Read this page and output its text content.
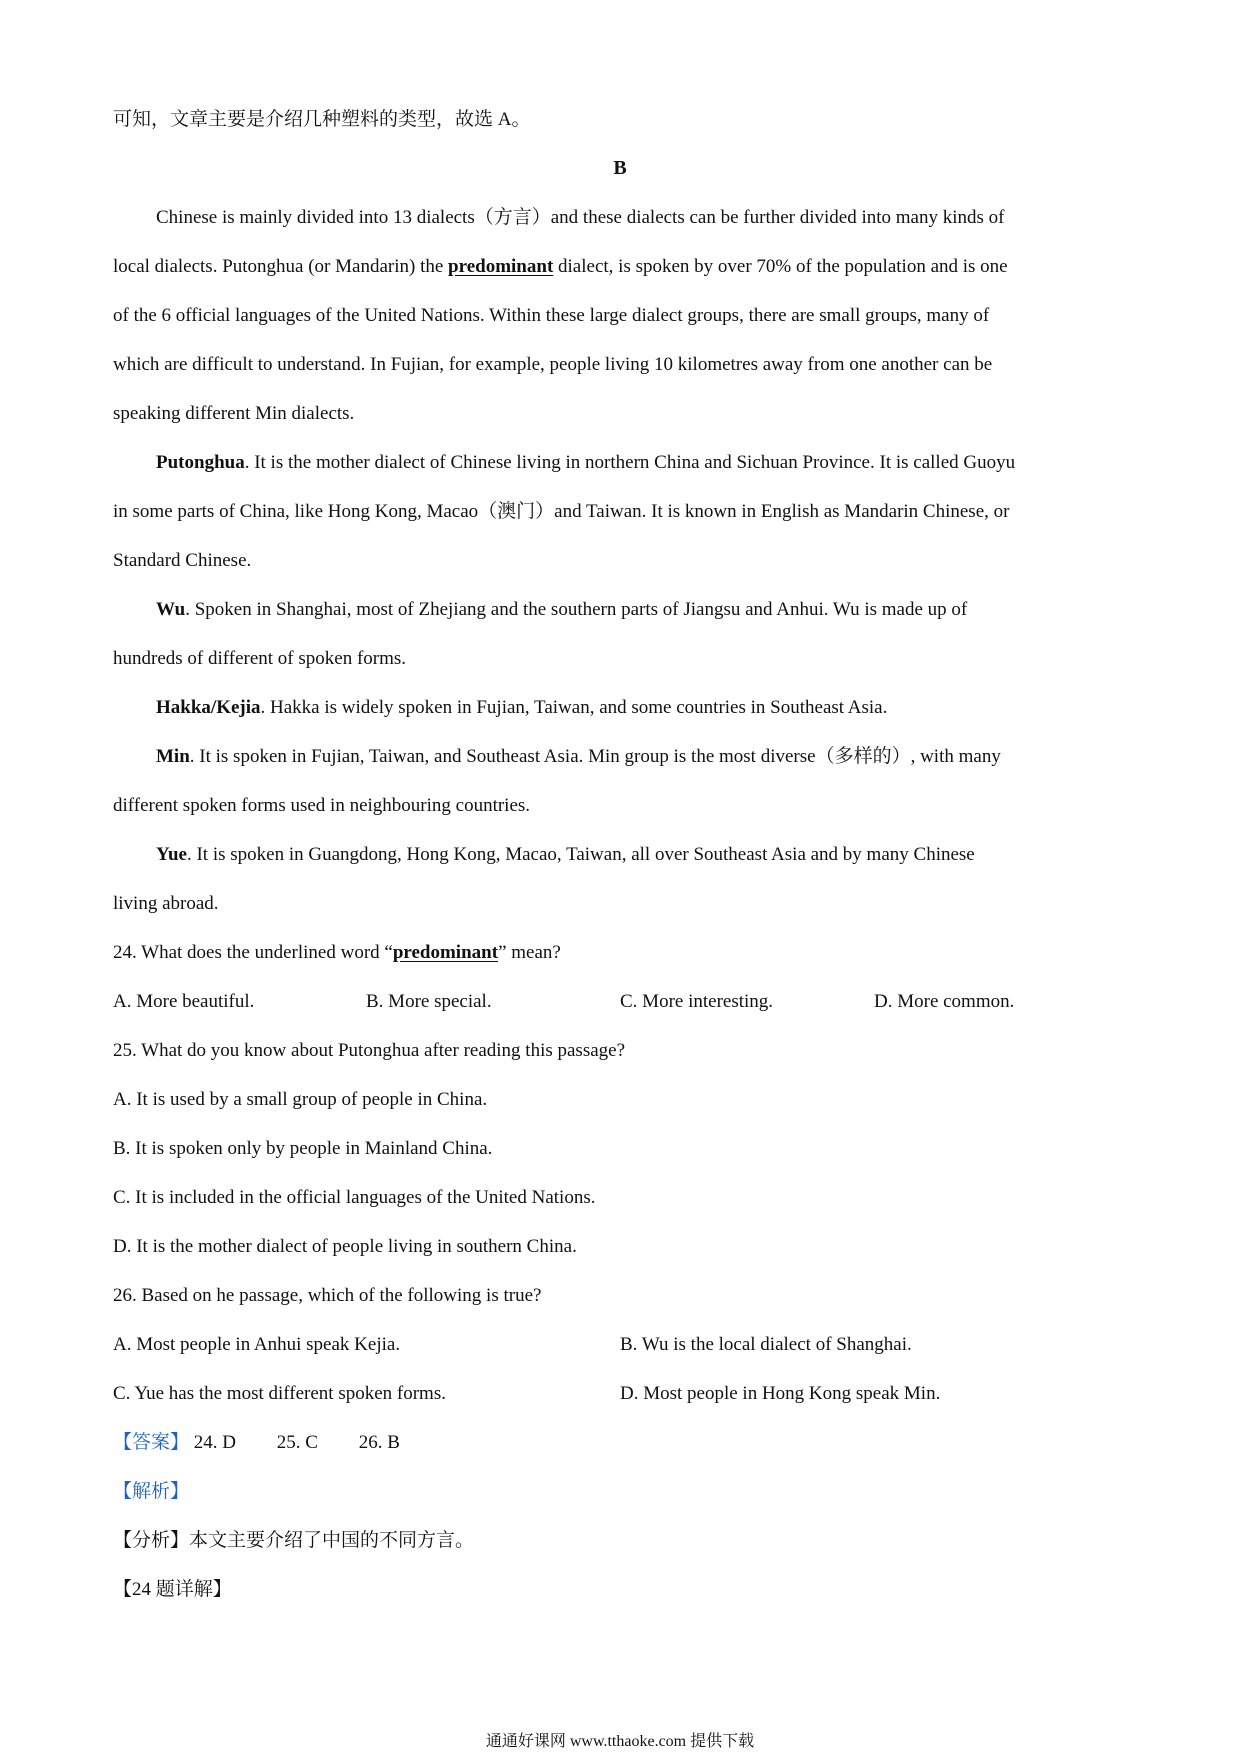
可知，文章主要是介绍几种塑料的类型，故选 A。
B
Chinese is mainly divided into 13 dialects（方言）and these dialects can be further divided into many kinds of
local dialects. Putonghua (or Mandarin) the predominant dialect, is spoken by over 70% of the population and is one
of the 6 official languages of the United Nations. Within these large dialect groups, there are small groups, many of
which are difficult to understand. In Fujian, for example, people living 10 kilometres away from one another can be
speaking different Min dialects.
Putonghua. It is the mother dialect of Chinese living in northern China and Sichuan Province. It is called Guoyu
in some parts of China, like Hong Kong, Macao（澳门）and Taiwan. It is known in English as Mandarin Chinese, or
Standard Chinese.
Wu. Spoken in Shanghai, most of Zhejiang and the southern parts of Jiangsu and Anhui. Wu is made up of
hundreds of different of spoken forms.
Hakka/Kejia. Hakka is widely spoken in Fujian, Taiwan, and some countries in Southeast Asia.
Min. It is spoken in Fujian, Taiwan, and Southeast Asia. Min group is the most diverse（多样的）, with many
different spoken forms used in neighbouring countries.
Yue. It is spoken in Guangdong, Hong Kong, Macao, Taiwan, all over Southeast Asia and by many Chinese
living abroad.
24. What does the underlined word “predominant” mean?
A. More beautiful.	B. More special.	C. More interesting.	D. More common.
25. What do you know about Putonghua after reading this passage?
A. It is used by a small group of people in China.
B. It is spoken only by people in Mainland China.
C. It is included in the official languages of the United Nations.
D. It is the mother dialect of people living in southern China.
26. Based on he passage, which of the following is true?
A. Most people in Anhui speak Kejia.	B. Wu is the local dialect of Shanghai.
C. Yue has the most different spoken forms.	D. Most people in Hong Kong speak Min.
【答案】 24. D 25. C 26. B
【解析】
【分析】本文主要介绍了中国的不同方言。
【24 题详解】
通通好课网 www.tthaoke.com 提供下载
